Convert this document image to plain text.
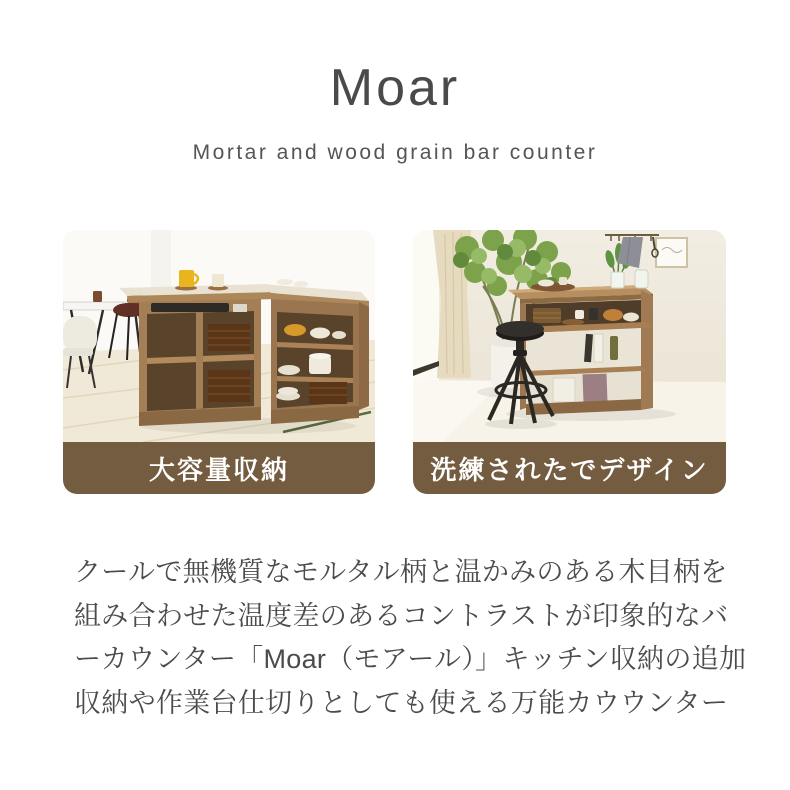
Moar
Mortar and wood grain bar counter
大容量収納	洗練されたでデザイン
クールで無機質なモルタル柄と温かみのある木目柄を
組み合わせた温度差のあるコントラストが印象的なバ
ーカウンター「Moar（モアール）」キッチン収納の追加
収納や作業台仕切りとしても使える万能カウウンター
